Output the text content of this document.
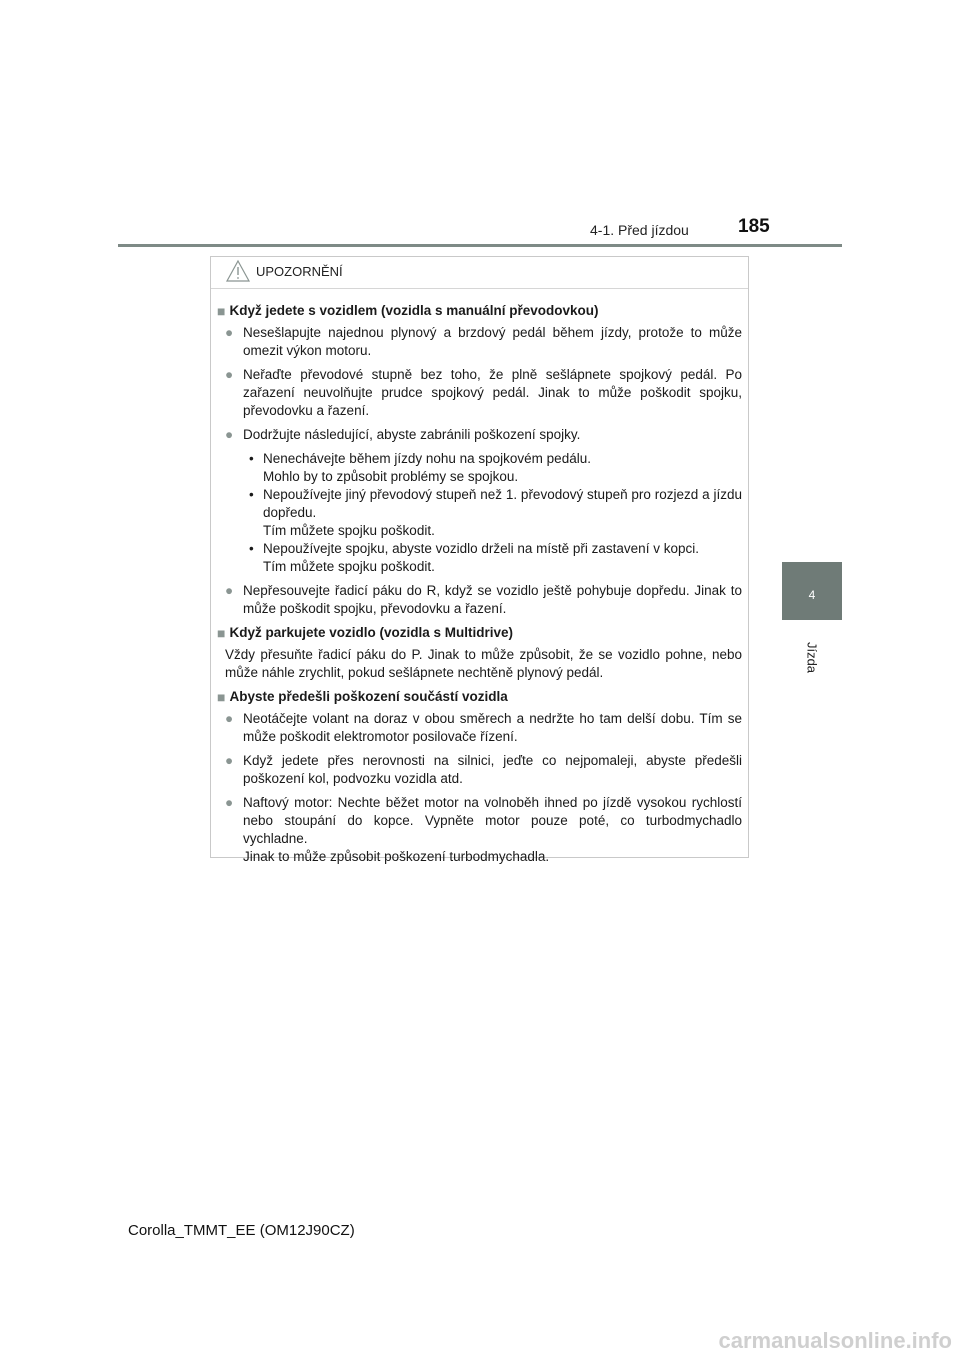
4-1. Před jízdou	185
4
Jízda
UPOZORNĚNÍ
■ Když jedete s vozidlem (vozidla s manuální převodovkou)
● Nesešlapujte najednou plynový a brzdový pedál během jízdy, protože to může omezit výkon motoru.
● Neřaďte převodové stupně bez toho, že plně sešlápnete spojkový pedál. Po zařazení neuvolňujte prudce spojkový pedál. Jinak to může poškodit spojku, převodovku a řazení.
● Dodržujte následující, abyste zabránili poškození spojky.
• Nenechávejte během jízdy nohu na spojkovém pedálu.
Mohlo by to způsobit problémy se spojkou.
• Nepoužívejte jiný převodový stupeň než 1. převodový stupeň pro rozjezd a jízdu dopředu.
Tím můžete spojku poškodit.
• Nepoužívejte spojku, abyste vozidlo drželi na místě při zastavení v kopci.
Tím můžete spojku poškodit.
● Nepřesouvejte řadicí páku do R, když se vozidlo ještě pohybuje dopředu. Jinak to může poškodit spojku, převodovku a řazení.
■ Když parkujete vozidlo (vozidla s Multidrive)
Vždy přesuňte řadicí páku do P. Jinak to může způsobit, že se vozidlo pohne, nebo může náhle zrychlit, pokud sešlápnete nechtěně plynový pedál.
■ Abyste předešli poškození součástí vozidla
● Neotáčejte volant na doraz v obou směrech a nedržte ho tam delší dobu. Tím se může poškodit elektromotor posilovače řízení.
● Když jedete přes nerovnosti na silnici, jeďte co nejpomaleji, abyste předešli poškození kol, podvozku vozidla atd.
● Naftový motor: Nechte běžet motor na volnoběh ihned po jízdě vysokou rychlostí nebo stoupání do kopce. Vypněte motor pouze poté, co turbodmychadlo vychladne.
Jinak to může způsobit poškození turbodmychadla.
Corolla_TMMT_EE (OM12J90CZ)
carmanualsonline.info
